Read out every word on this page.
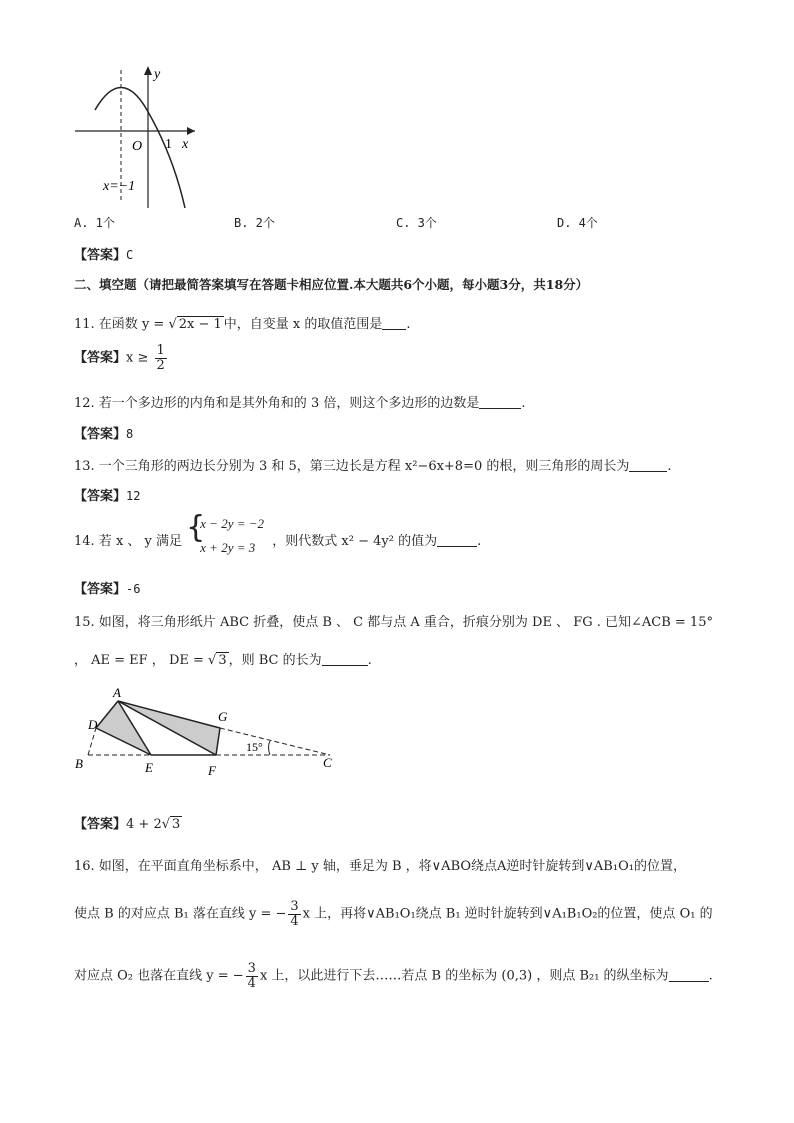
y
x
O 1
x=−1
A. 1个	B. 2个	C. 3个	D. 4个
【答案】C
二、填空题（请把最简答案填写在答题卡相应位置.本大题共6个小题，每小题3分，共18分）
11. 在函数 y = √ 2x − 1 中，自变量 x 的取值范围是 .
【答案】$x \ge \frac{1}{2}$
12. 若一个多边形的内角和是其外角和的 3 倍，则这个多边形的边数是	.
【答案】8
13. 一个三角形的两边长分别为 3 和 5，第三边长是方程 x²−6x+8=0 的根，则三角形的周长为	.
【答案】12
14. 若 x 、 y 满足 {
x − 2y = −2
x + 2y = 3 ，则代数式 x² − 4y² 的值为	.
【答案】-6
15. 如图，将三角形纸片 ABC 折叠，使点 B 、 C 都与点 A 重合，折痕分别为 DE 、 FG . 已知∠ACB = 15°
， AE = EF ， DE = √ 3 ，则 BC 的长为	.
A
D
B	E	F
G
C
15°
【答案】4 + 2√ 3
16. 如图，在平面直角坐标系中， AB ⊥ y 轴，垂足为 B ，将∨ABO绕点A逆时针旋转到∨AB₁O₁的位置，
使点 B 的对应点 B₁ 落在直线 y = − $\frac{3}{4}$ x 上，再将∨AB₁O₁绕点 B₁ 逆时针旋转到∨A₁B₁O₂的位置，使点 O₁ 的
对应点 O₂ 也落在直线 y = − $\frac{3}{4}$ x 上，以此进行下去……若点 B 的坐标为 (0,3) ，则点 B₂₁ 的纵坐标为	.
